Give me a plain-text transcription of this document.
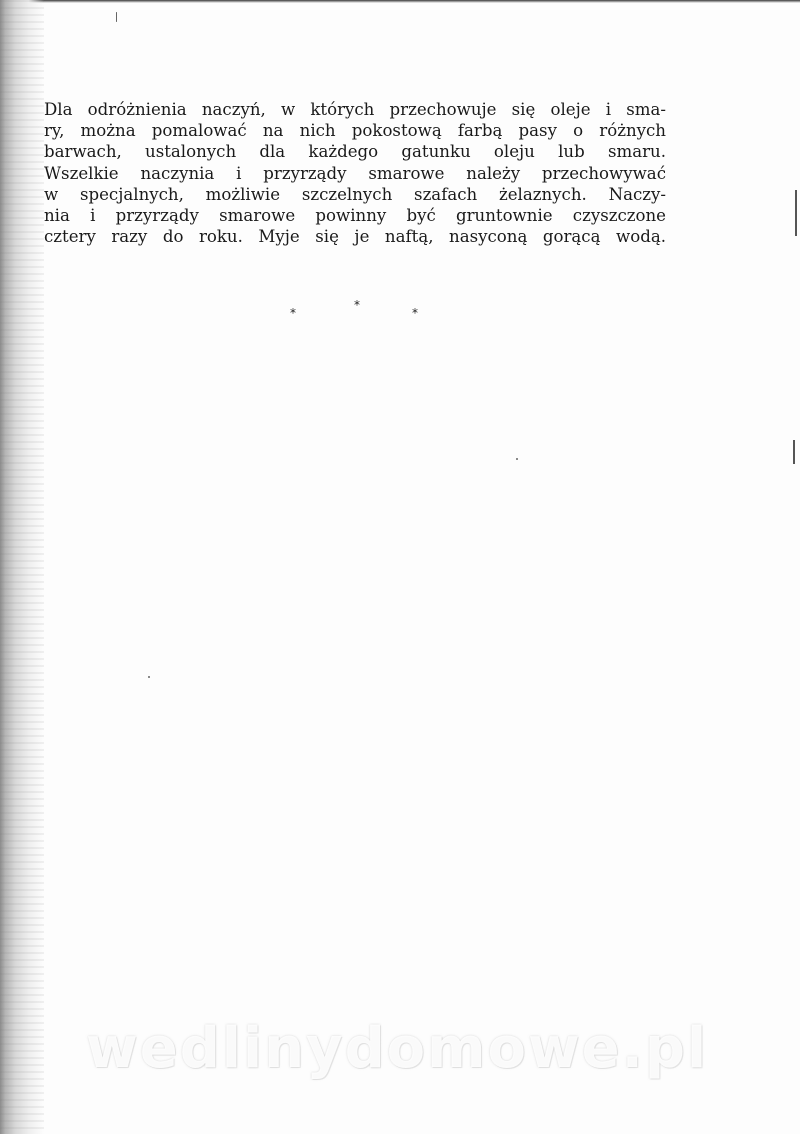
Dla odróżnienia naczyń, w których przechowuje się oleje i sma-
ry, można pomalować na nich pokostową farbą pasy o różnych
barwach, ustalonych dla każdego gatunku oleju lub smaru.
Wszelkie naczynia i przyrządy smarowe należy przechowywać
w specjalnych, możliwie szczelnych szafach żelaznych. Naczy-
nia i przyrządy smarowe powinny być gruntownie czyszczone
cztery razy do roku. Myje się je naftą, nasyconą gorącą wodą.
*
*
*
wedlinydomowe.pl
